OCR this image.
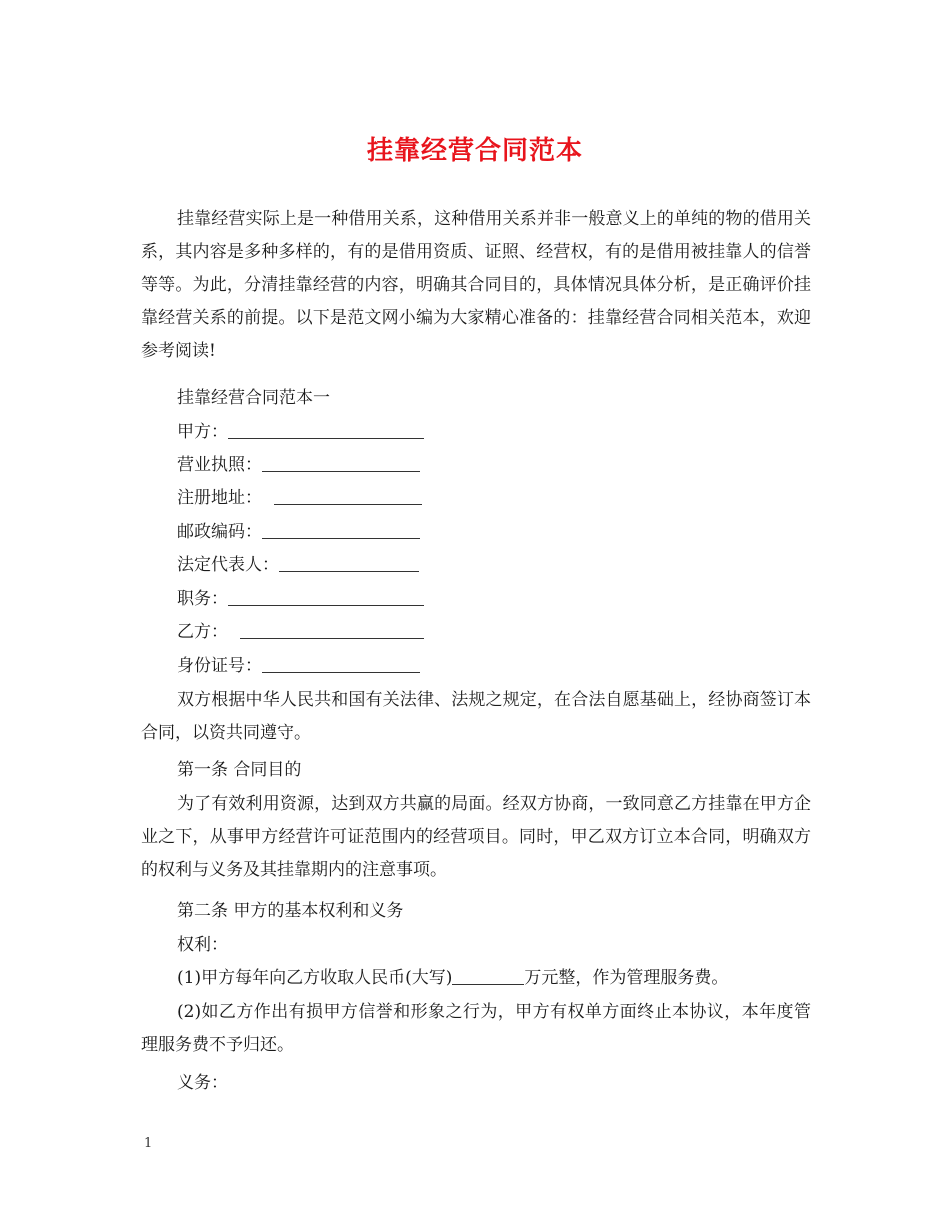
挂靠经营合同范本

挂靠经营实际上是一种借用关系，这种借用关系并非一般意义上的单纯的物的借用关系，其内容是多种多样的，有的是借用资质、证照、经营权，有的是借用被挂靠人的信誉等等。为此，分清挂靠经营的内容，明确其合同目的，具体情况具体分析，是正确评价挂靠经营关系的前提。以下是范文网小编为大家精心准备的：挂靠经营合同相关范本，欢迎参考阅读!

挂靠经营合同范本一

甲方：

营业执照：

注册地址：

邮政编码：

法定代表人：

职务：

乙方：

身份证号：

双方根据中华人民共和国有关法律、法规之规定，在合法自愿基础上，经协商签订本合同，以资共同遵守。

第一条 合同目的

为了有效利用资源，达到双方共赢的局面。经双方协商，一致同意乙方挂靠在甲方企业之下，从事甲方经营许可证范围内的经营项目。同时，甲乙双方订立本合同，明确双方的权利与义务及其挂靠期内的注意事项。

第二条 甲方的基本权利和义务

权利：

(1)甲方每年向乙方收取人民币(大写)	万元整，作为管理服务费。

(2)如乙方作出有损甲方信誉和形象之行为，甲方有权单方面终止本协议，本年度管理服务费不予归还。

义务：

1
